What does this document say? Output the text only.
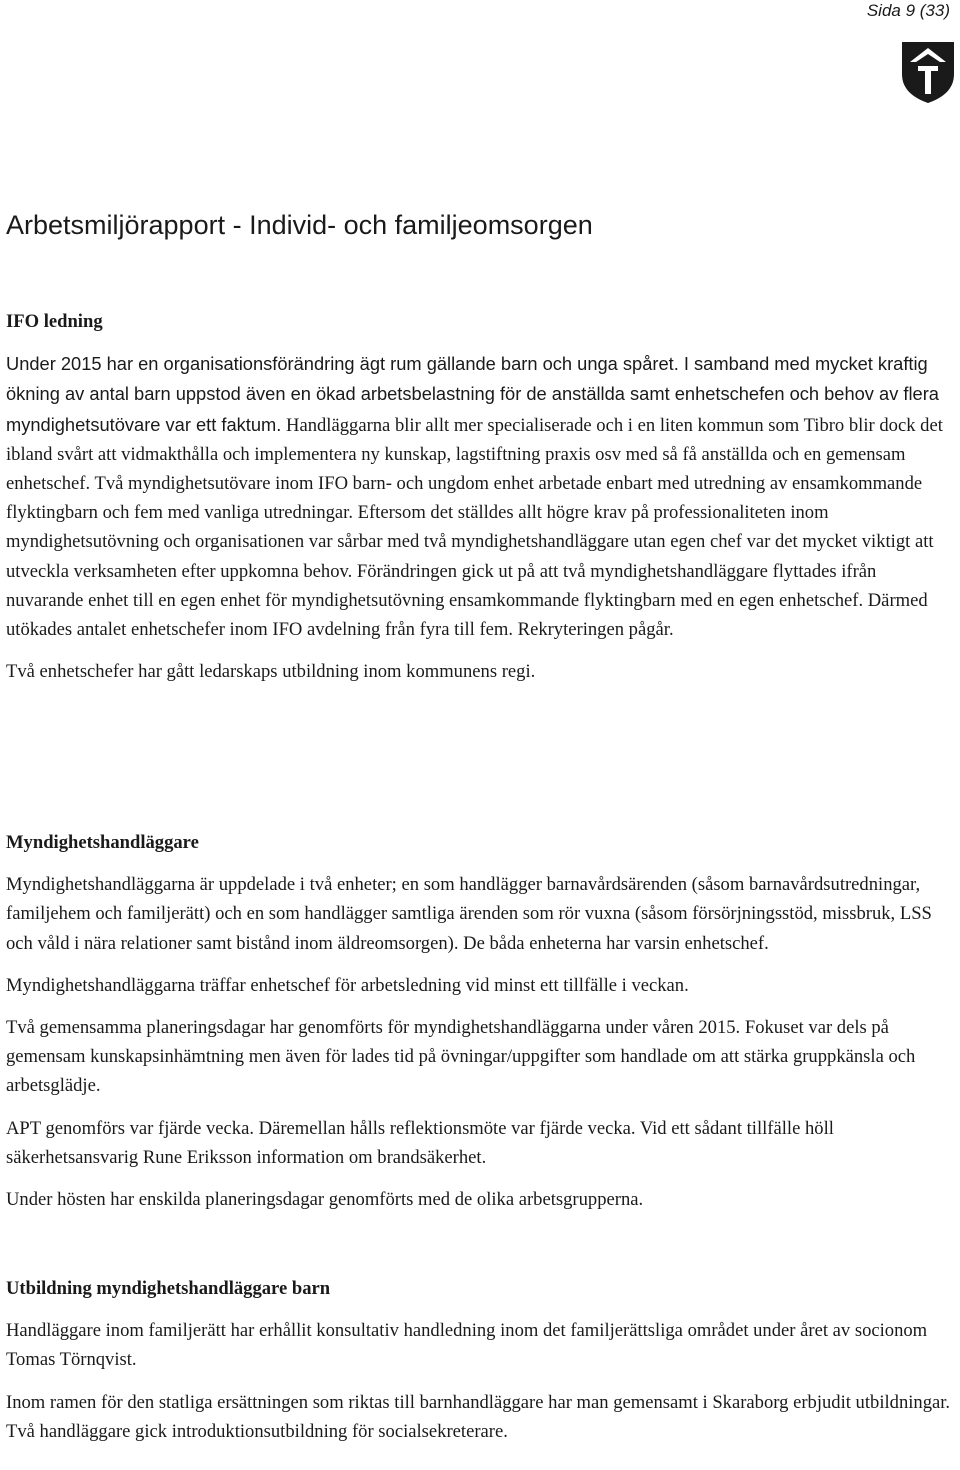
Sida 9 (33)
Arbetsmiljörapport - Individ- och familjeomsorgen
IFO ledning

Under 2015 har en organisationsförändring ägt rum gällande barn och unga spåret. I samband med mycket kraftig ökning av antal barn uppstod även en ökad arbetsbelastning för de anställda samt enhetschefen och behov av flera myndighetsutövare var ett faktum. Handläggarna blir allt mer specialiserade och i en liten kommun som Tibro blir dock det ibland svårt att vidmakthålla och implementera ny kunskap, lagstiftning praxis osv med så få anställda och en gemensam enhetschef. Två myndighetsutövare inom IFO barn- och ungdom enhet arbetade enbart med utredning av ensamkommande flyktingbarn och fem med vanliga utredningar. Eftersom det ställdes allt högre krav på professionaliteten inom myndighetsutövning och organisationen var sårbar med två myndighetshandläggare utan egen chef var det mycket viktigt att utveckla verksamheten efter uppkomna behov. Förändringen gick ut på att två myndighetshandläggare flyttades ifrån nuvarande enhet till en egen enhet för myndighetsutövning ensamkommande flyktingbarn med en egen enhetschef. Därmed utökades antalet enhetschefer inom IFO avdelning från fyra till fem. Rekryteringen pågår.

Två enhetschefer har gått ledarskaps utbildning inom kommunens regi.

Myndighetshandläggare

Myndighetshandläggarna är uppdelade i två enheter; en som handlägger barnavårdsärenden (såsom barnavårdsutredningar, familjehem och familjerätt) och en som handlägger samtliga ärenden som rör vuxna (såsom försörjningsstöd, missbruk, LSS och våld i nära relationer samt bistånd inom äldreomsorgen). De båda enheterna har varsin enhetschef.

Myndighetshandläggarna träffar enhetschef för arbetsledning vid minst ett tillfälle i veckan.

Två gemensamma planeringsdagar har genomförts för myndighetshandläggarna under våren 2015. Fokuset var dels på gemensam kunskapsinhämtning men även för lades tid på övningar/uppgifter som handlade om att stärka gruppkänsla och arbetsglädje.

APT genomförs var fjärde vecka. Däremellan hålls reflektionsmöte var fjärde vecka. Vid ett sådant tillfälle höll säkerhetsansvarig Rune Eriksson information om brandsäkerhet.

Under hösten har enskilda planeringsdagar genomförts med de olika arbetsgrupperna.

Utbildning myndighetshandläggare barn

Handläggare inom familjerätt har erhållit konsultativ handledning inom det familjerättsliga området under året av socionom Tomas Törnqvist.

Inom ramen för den statliga ersättningen som riktas till barnhandläggare har man gemensamt i Skaraborg erbjudit utbildningar. Två handläggare gick introduktionsutbildning för socialsekreterare.
